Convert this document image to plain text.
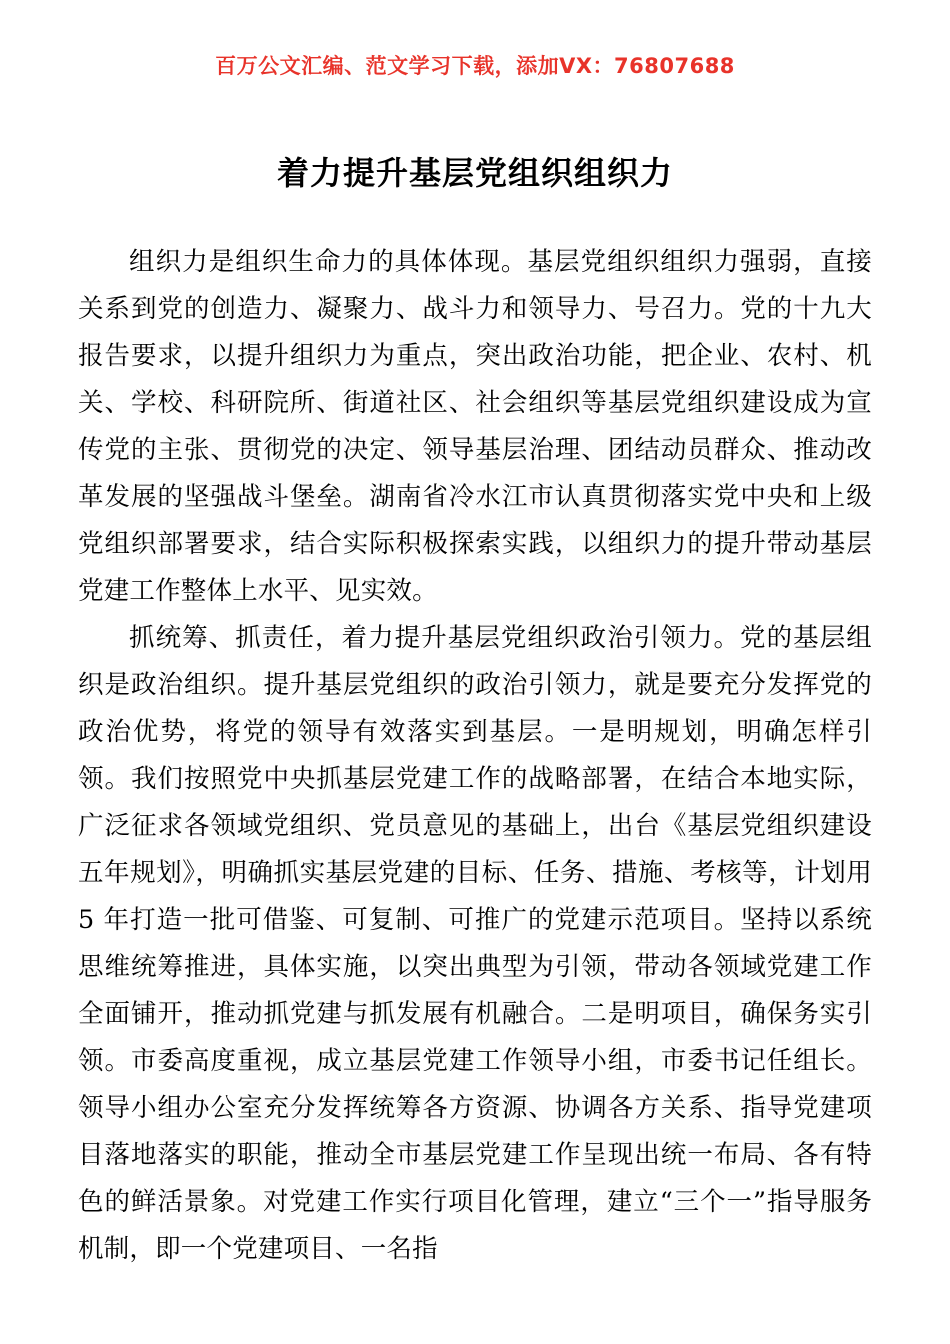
百万公文汇编、范文学习下载，添加VX：76807688
着力提升基层党组织组织力

组织力是组织生命力的具体体现。基层党组织组织力强弱，直接关系到党的创造力、凝聚力、战斗力和领导力、号召力。党的十九大报告要求，以提升组织力为重点，突出政治功能，把企业、农村、机关、学校、科研院所、街道社区、社会组织等基层党组织建设成为宣传党的主张、贯彻党的决定、领导基层治理、团结动员群众、推动改革发展的坚强战斗堡垒。湖南省冷水江市认真贯彻落实党中央和上级党组织部署要求，结合实际积极探索实践，以组织力的提升带动基层党建工作整体上水平、见实效。

抓统筹、抓责任，着力提升基层党组织政治引领力。党的基层组织是政治组织。提升基层党组织的政治引领力，就是要充分发挥党的政治优势，将党的领导有效落实到基层。一是明规划，明确怎样引领。我们按照党中央抓基层党建工作的战略部署，在结合本地实际，广泛征求各领域党组织、党员意见的基础上，出台《基层党组织建设五年规划》，明确抓实基层党建的目标、任务、措施、考核等，计划用 5 年打造一批可借鉴、可复制、可推广的党建示范项目。坚持以系统思维统筹推进，具体实施，以突出典型为引领，带动各领域党建工作全面铺开，推动抓党建与抓发展有机融合。二是明项目，确保务实引领。市委高度重视，成立基层党建工作领导小组，市委书记任组长。领导小组办公室充分发挥统筹各方资源、协调各方关系、指导党建项目落地落实的职能，推动全市基层党建工作呈现出统一布局、各有特色的鲜活景象。对党建工作实行项目化管理，建立“三个一”指导服务机制，即一个党建项目、一名指
